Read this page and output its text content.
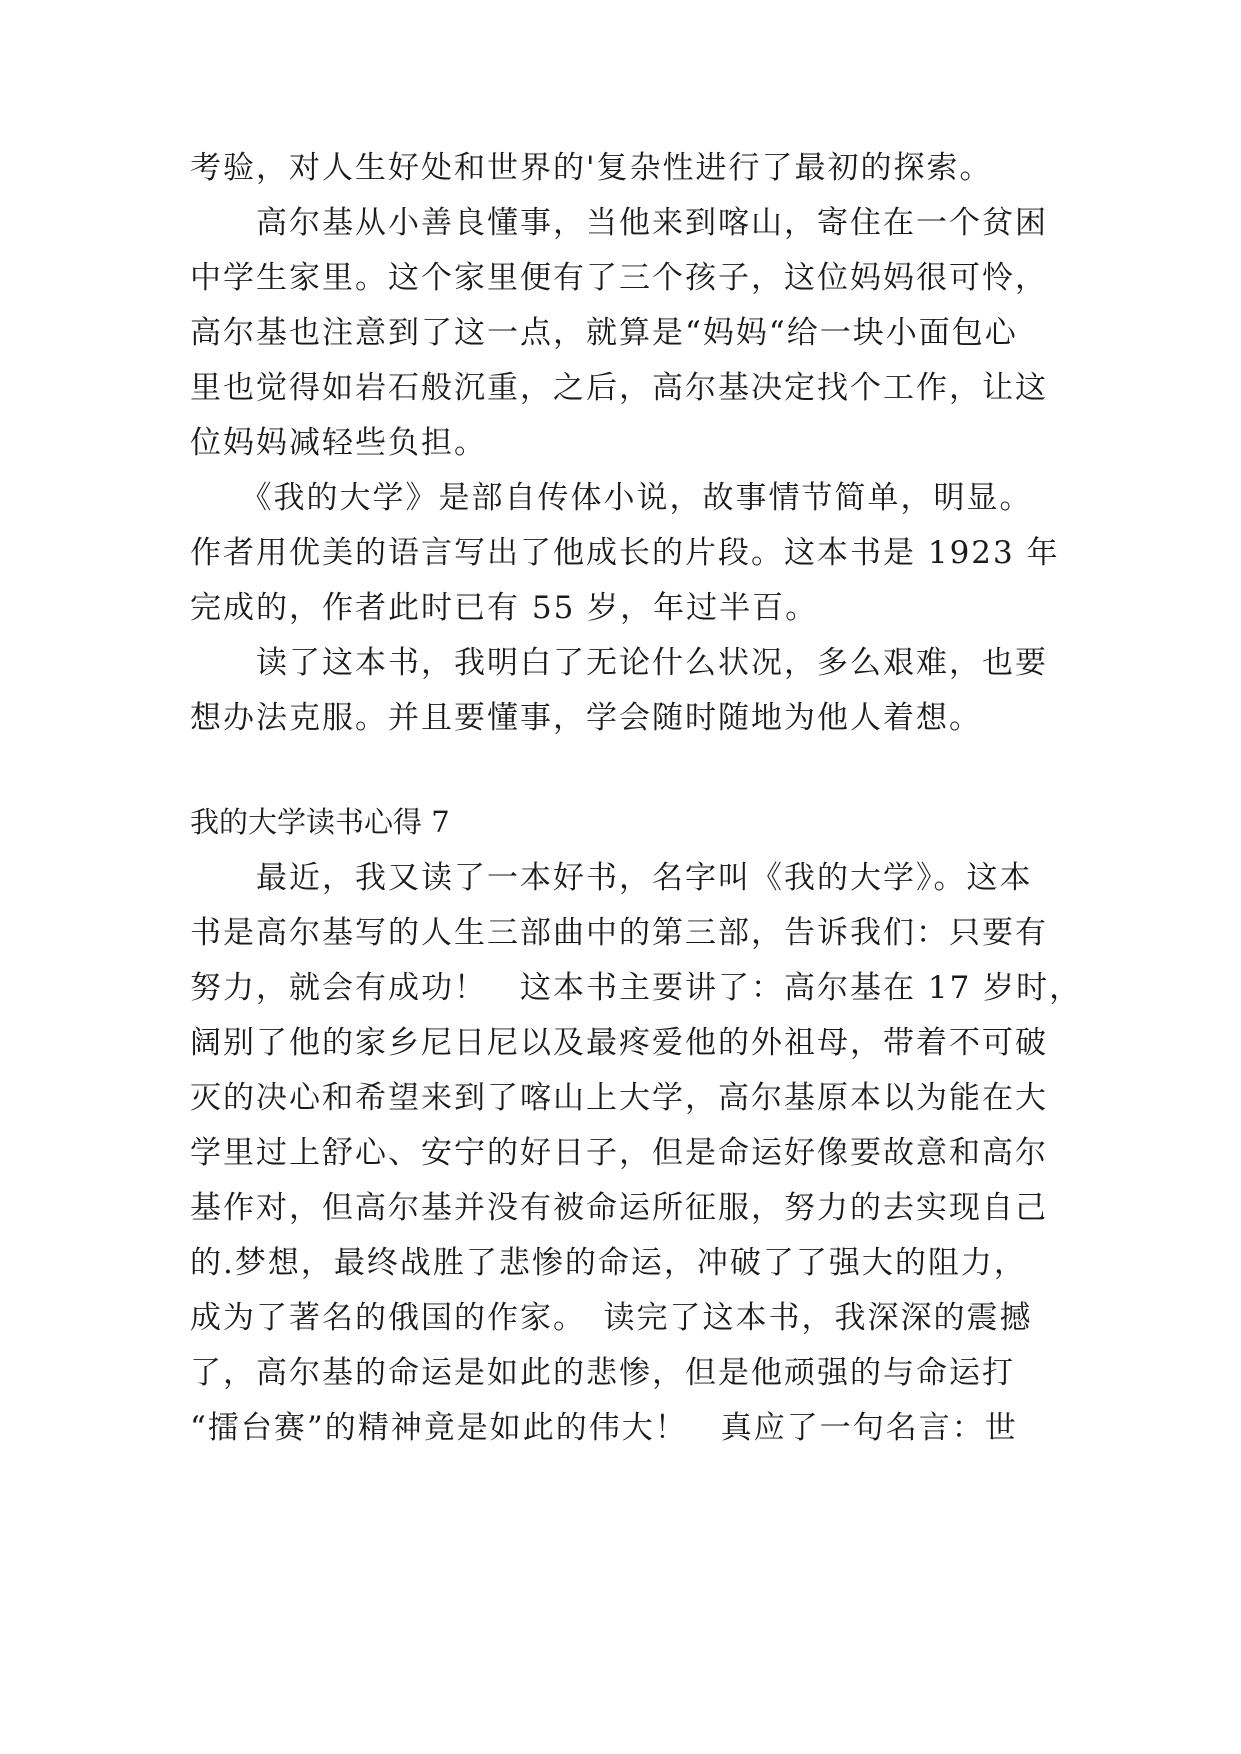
考验，对人生好处和世界的'复杂性进行了最初的探索。
　　高尔基从小善良懂事，当他来到喀山，寄住在一个贫困
中学生家里。这个家里便有了三个孩子，这位妈妈很可怜，
高尔基也注意到了这一点，就算是“妈妈“给一块小面包心
里也觉得如岩石般沉重，之后，高尔基决定找个工作，让这
位妈妈减轻些负担。
　　《我的大学》是部自传体小说，故事情节简单，明显。
作者用优美的语言写出了他成长的片段。这本书是 1923 年
完成的，作者此时已有 55 岁，年过半百。
　　读了这本书，我明白了无论什么状况，多么艰难，也要
想办法克服。并且要懂事，学会随时随地为他人着想。
我的大学读书心得 7
　　最近，我又读了一本好书，名字叫《我的大学》。这本
书是高尔基写的人生三部曲中的第三部，告诉我们：只要有
努力，就会有成功！　这本书主要讲了：高尔基在 17 岁时，
阔别了他的家乡尼日尼以及最疼爱他的外祖母，带着不可破
灭的决心和希望来到了喀山上大学，高尔基原本以为能在大
学里过上舒心、安宁的好日子，但是命运好像要故意和高尔
基作对，但高尔基并没有被命运所征服，努力的去实现自己
的.梦想，最终战胜了悲惨的命运，冲破了了强大的阻力，
成为了著名的俄国的作家。　读完了这本书，我深深的震撼
了，高尔基的命运是如此的悲惨，但是他顽强的与命运打
“擂台赛”的精神竟是如此的伟大！　真应了一句名言：世
